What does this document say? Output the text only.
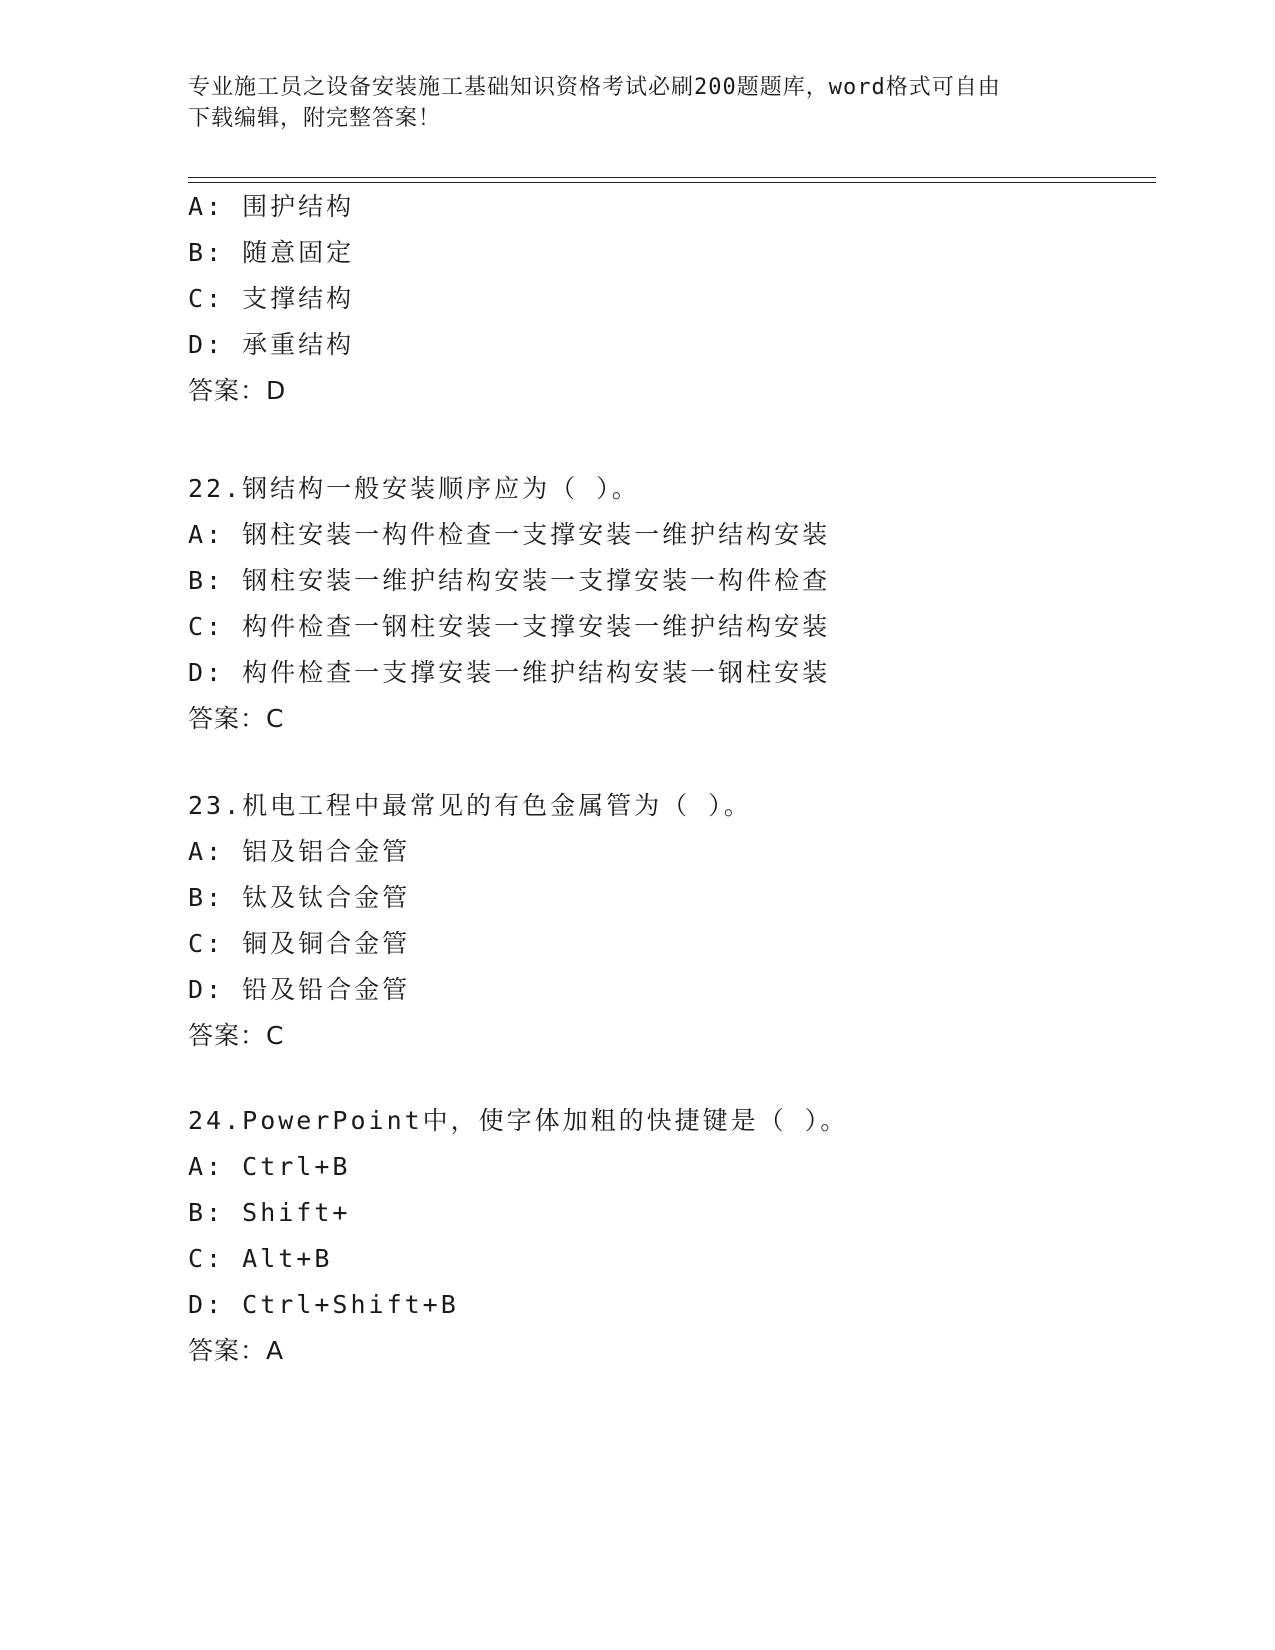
专业施工员之设备安装施工基础知识资格考试必刷200题题库，word格式可自由
下载编辑，附完整答案！
A: 围护结构
B: 随意固定
C: 支撑结构
D: 承重结构
答案：D
22.钢结构一般安装顺序应为（ ）。
A: 钢柱安装一构件检查一支撑安装一维护结构安装
B: 钢柱安装一维护结构安装一支撑安装一构件检查
C: 构件检查一钢柱安装一支撑安装一维护结构安装
D: 构件检查一支撑安装一维护结构安装一钢柱安装
答案：C
23.机电工程中最常见的有色金属管为（ ）。
A: 铝及铝合金管
B: 钛及钛合金管
C: 铜及铜合金管
D: 铅及铅合金管
答案：C
24.PowerPoint中，使字体加粗的快捷键是（ ）。
A: Ctrl+B
B: Shift+
C: Alt+B
D: Ctrl+Shift+B
答案：A
